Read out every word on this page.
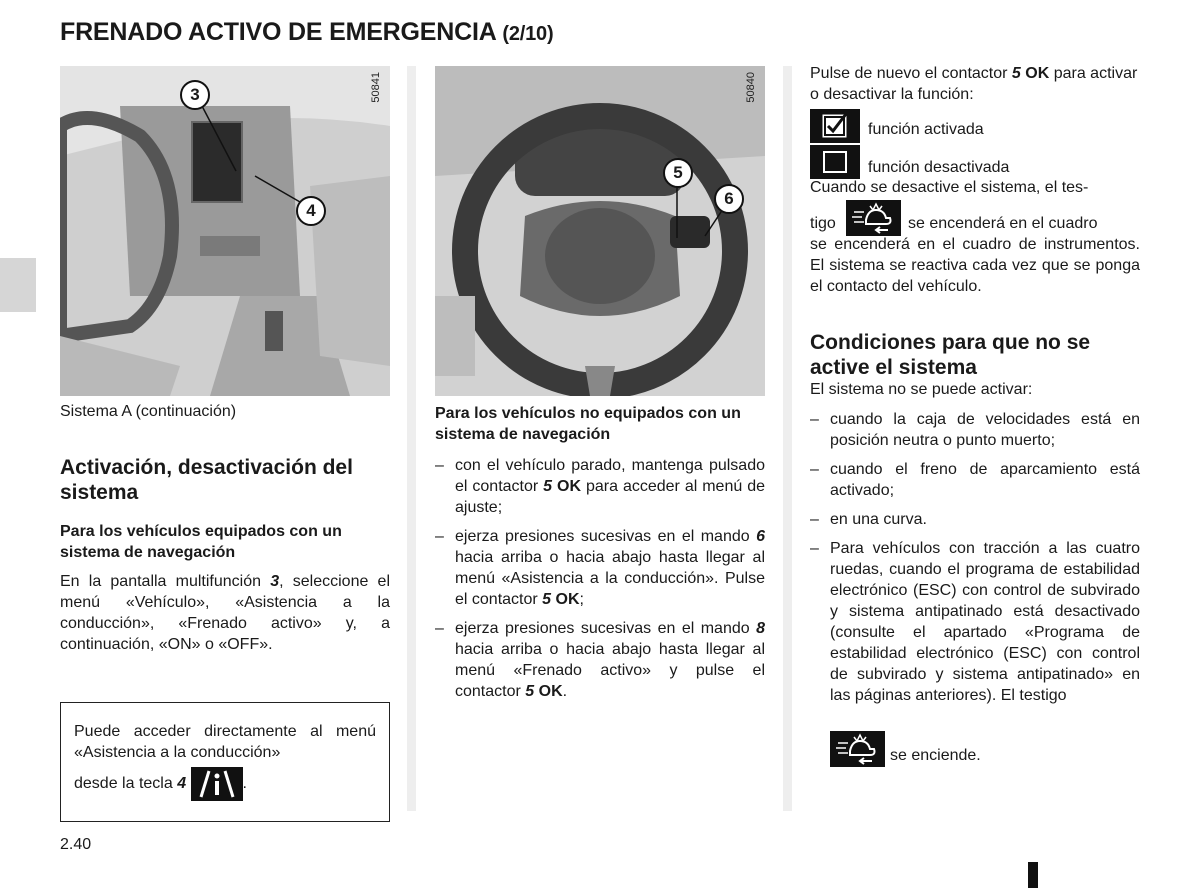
FRENADO ACTIVO DE EMERGENCIA (2/10)
50841
3
4
Sistema A (continuación)
Activación, desactivación del sistema
Para los vehículos equipados con un sistema de navegación
En la pantalla multifunción 3, seleccione el menú «Vehículo», «Asistencia a la conducción», «Frenado activo» y, a continuación, «ON» o «OFF».
Puede acceder directamente al menú «Asistencia a la conducción»
desde la tecla 4	.
50840
5
6
Para los vehículos no equipados con un sistema de navegación
– con el vehículo parado, mantenga pulsado el contactor 5 OK para acceder al menú de ajuste;
– ejerza presiones sucesivas en el mando 6 hacia arriba o hacia abajo hasta llegar al menú «Asistencia a la conducción». Pulse el contactor 5 OK;
– ejerza presiones sucesivas en el mando 8 hacia arriba o hacia abajo hasta llegar al menú «Frenado activo» y pulse el contactor 5 OK.
Pulse de nuevo el contactor 5 OK para activar o desactivar la función:
función activada
función desactivada
Cuando se desactive el sistema, el tes-
tigo	se encenderá en el cuadro
se encenderá en el cuadro de instrumentos. El sistema se reactiva cada vez que se ponga el contacto del vehículo.
Condiciones para que no se active el sistema
El sistema no se puede activar:
– cuando la caja de velocidades está en posición neutra o punto muerto;
– cuando el freno de aparcamiento está activado;
– en una curva.
– Para vehículos con tracción a las cuatro ruedas, cuando el programa de estabilidad electrónico (ESC) con control de subvirado y sistema antipatinado está desactivado (consulte el apartado «Programa de estabilidad electrónico (ESC) con control de subvirado y sistema antipatinado» en las páginas anteriores). El testigo
se enciende.
2.40
